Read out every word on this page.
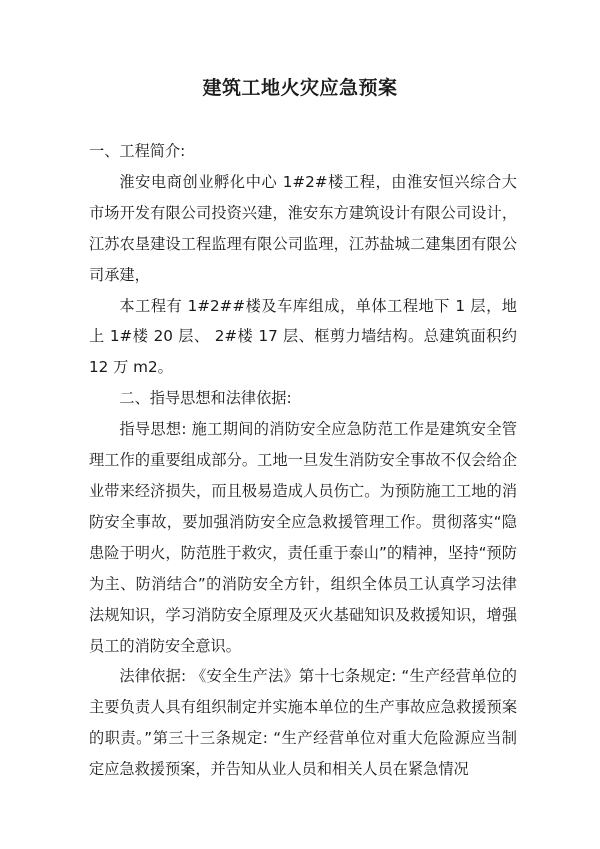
建筑工地火灾应急预案

一、工程简介:

淮安电商创业孵化中心 1#2#楼工程，由淮安恒兴综合大市场开发有限公司投资兴建，淮安东方建筑设计有限公司设计，江苏农垦建设工程监理有限公司监理，江苏盐城二建集团有限公司承建，

本工程有 1#2##楼及车库组成，单体工程地下 1 层，地上 1#楼 20 层、 2#楼 17 层、框剪力墙结构。总建筑面积约 12 万 m2。

二、指导思想和法律依据:

指导思想: 施工期间的消防安全应急防范工作是建筑安全管理工作的重要组成部分。工地一旦发生消防安全事故不仅会给企业带来经济损失，而且极易造成人员伤亡。为预防施工工地的消防安全事故，要加强消防安全应急救援管理工作。贯彻落实“隐患险于明火，防范胜于救灾，责任重于泰山”的精神，坚持“预防为主、防消结合”的消防安全方针，组织全体员工认真学习法律法规知识，学习消防安全原理及灭火基础知识及救援知识，增强员工的消防安全意识。

法律依据: 《安全生产法》第十七条规定: “生产经营单位的主要负责人具有组织制定并实施本单位的生产事故应急救援预案的职责。”第三十三条规定: “生产经营单位对重大危险源应当制定应急救援预案，并告知从业人员和相关人员在紧急情况
